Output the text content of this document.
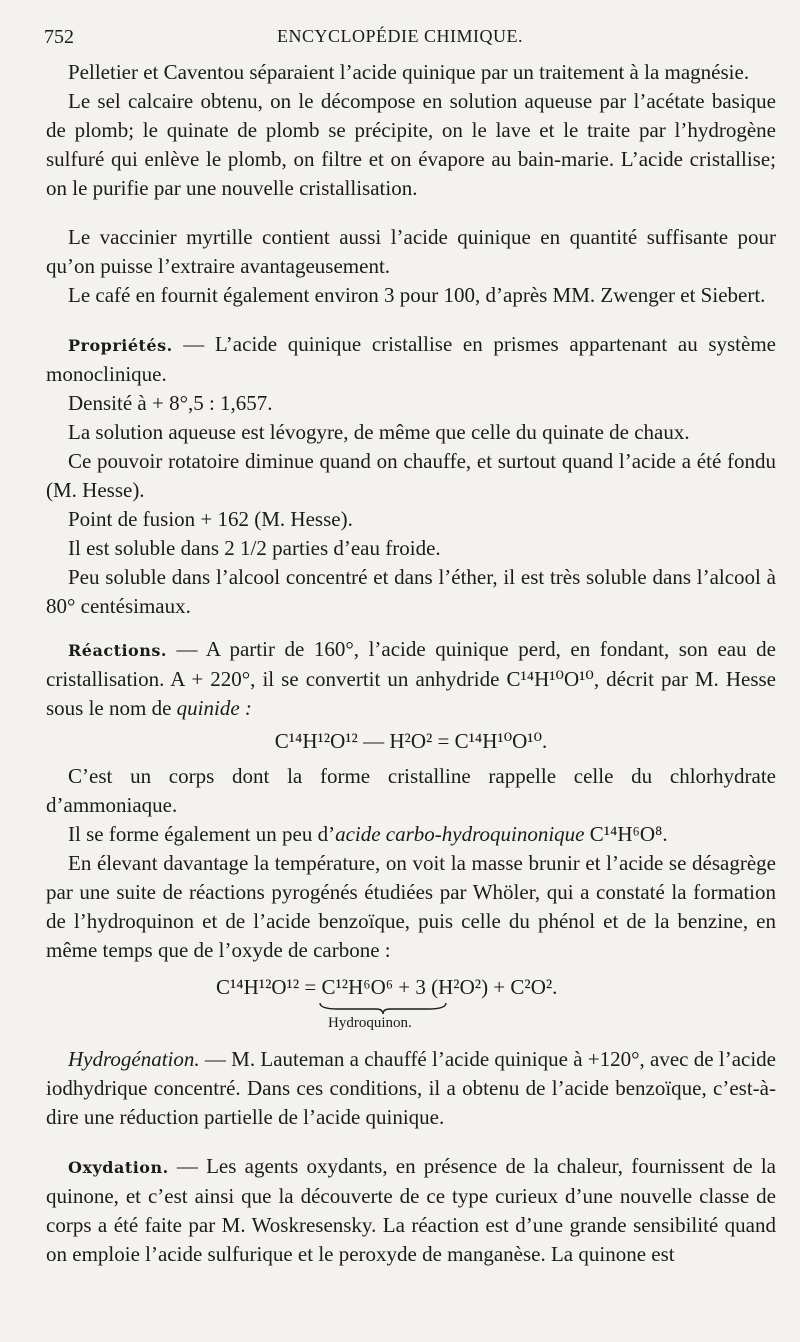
752	ENCYCLOPÉDIE CHIMIQUE.

Pelletier et Caventou séparaient l’acide quinique par un traitement à la magnésie.

Le sel calcaire obtenu, on le décompose en solution aqueuse par l’acétate basique de plomb; le quinate de plomb se précipite, on le lave et le traite par l’hydrogène sulfuré qui enlève le plomb, on filtre et on évapore au bain-marie. L’acide cristallise; on le purifie par une nouvelle cristallisation.

Le vaccinier myrtille contient aussi l’acide quinique en quantité suffisante pour qu’on puisse l’extraire avantageusement.

Le café en fournit également environ 3 pour 100, d’après MM. Zwenger et Siebert.

Propriétés. — L’acide quinique cristallise en prismes appartenant au système monoclinique.

Densité à + 8°,5 : 1,657.

La solution aqueuse est lévogyre, de même que celle du quinate de chaux.

Ce pouvoir rotatoire diminue quand on chauffe, et surtout quand l’acide a été fondu (M. Hesse).

Point de fusion + 162 (M. Hesse).

Il est soluble dans 2 1/2 parties d’eau froide.

Peu soluble dans l’alcool concentré et dans l’éther, il est très soluble dans l’alcool à 80° centésimaux.

Réactions. — A partir de 160°, l’acide quinique perd, en fondant, son eau de cristallisation. A + 220°, il se convertit un anhydride C¹⁴H¹⁰O¹⁰, décrit par M. Hesse sous le nom de quinide :

C¹⁴H¹²O¹² — H²O² = C¹⁴H¹⁰O¹⁰.

C’est un corps dont la forme cristalline rappelle celle du chlorhydrate d’ammoniaque.

Il se forme également un peu d’acide carbo-hydroquinonique C¹⁴H⁶O⁸.

En élevant davantage la température, on voit la masse brunir et l’acide se désagrège par une suite de réactions pyrogénés étudiées par Whöler, qui a constaté la formation de l’hydroquinon et de l’acide benzoïque, puis celle du phénol et de la benzine, en même temps que de l’oxyde de carbone :

C¹⁴H¹²O¹² = C¹²H⁶O⁶ + 3 (H²O²) + C²O².
Hydroquinon.

Hydrogénation. — M. Lauteman a chauffé l’acide quinique à +120°, avec de l’acide iodhydrique concentré. Dans ces conditions, il a obtenu de l’acide benzoïque, c’est-à-dire une réduction partielle de l’acide quinique.

Oxydation. — Les agents oxydants, en présence de la chaleur, fournissent de la quinone, et c’est ainsi que la découverte de ce type curieux d’une nouvelle classe de corps a été faite par M. Woskresensky. La réaction est d’une grande sensibilité quand on emploie l’acide sulfurique et le peroxyde de manganèse. La quinone est
